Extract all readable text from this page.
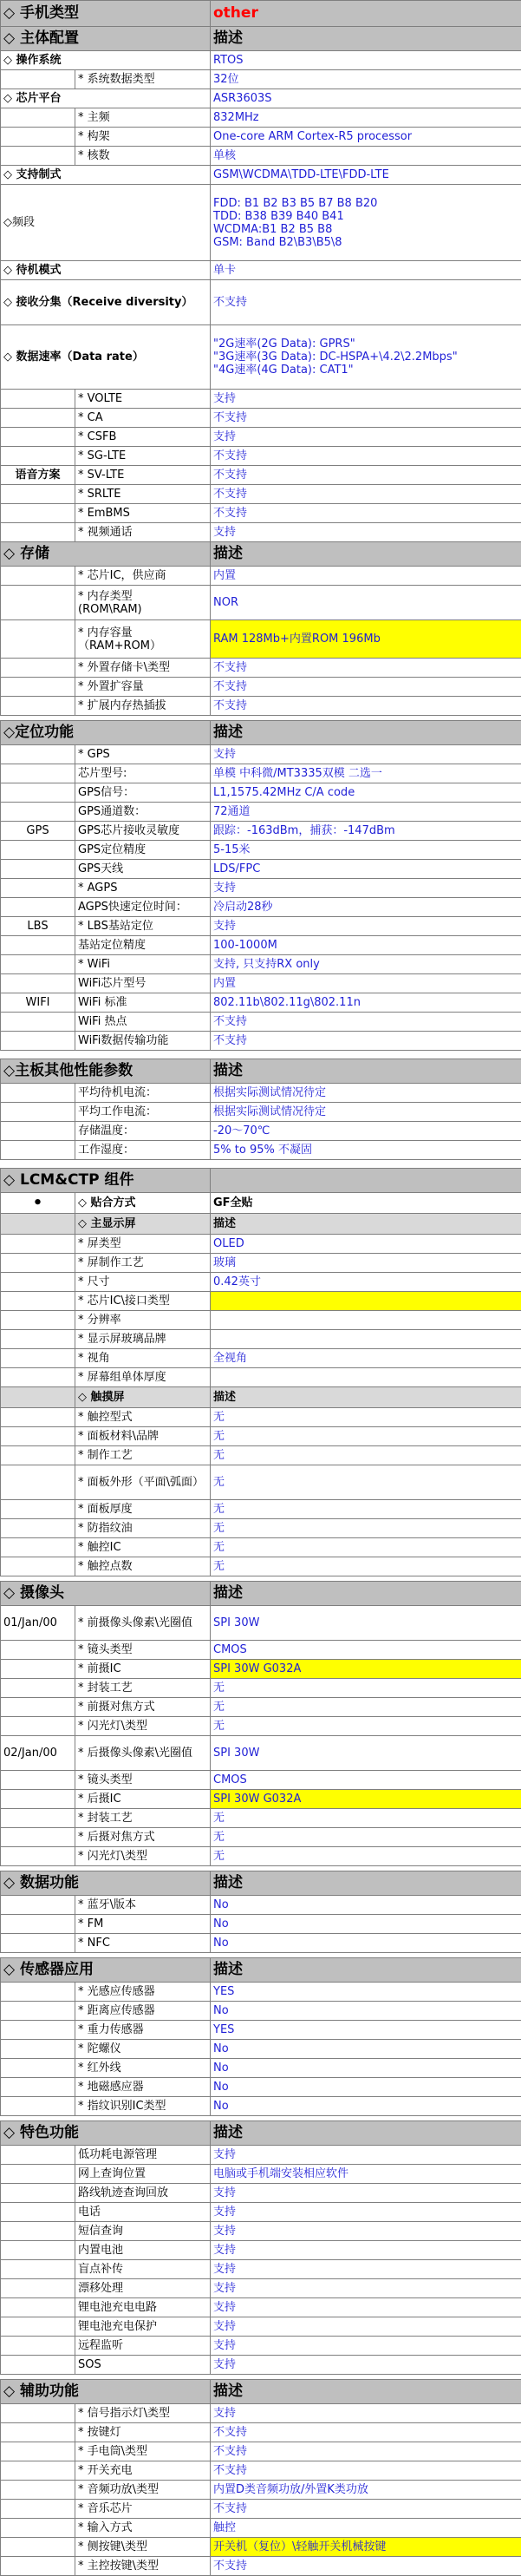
◇ 手机类型		other
◇ 主体配置		描述
◇ 操作系统		RTOS
	* 系统数据类型	32位
◇ 芯片平台		ASR3603S
	* 主频	832MHz
	* 构架	One-core ARM Cortex-R5 processor
	* 核数	单核
◇ 支持制式		GSM\WCDMA\TDD-LTE\FDD-LTE
◇频段		FDD: B1 B2 B3 B5 B7 B8 B20
TDD: B38 B39 B40 B41
WCDMA:B1 B2 B5 B8
GSM: Band B2\B3\B5\8
◇ 待机模式		单卡
◇ 接收分集（Receive diversity）		不支持
◇ 数据速率（Data rate）		"2G速率(2G Data): GPRS"
"3G速率(3G Data): DC-HSPA+\4.2\2.2Mbps"
"4G速率(4G Data): CAT1"
	* VOLTE	支持
	* CA	不支持
	* CSFB	支持
	* SG-LTE	不支持
语音方案	* SV-LTE	不支持
	* SRLTE	不支持
	* EmBMS	不支持
	* 视频通话	支持
◇ 存储		描述
	* 芯片IC，供应商	内置
	* 内存类型
(ROM\RAM)	NOR
	* 内存容量
（RAM+ROM）	RAM 128Mb+内置ROM 196Mb
	* 外置存储卡\类型	不支持
	* 外置扩容量	不支持
	* 扩展内存热插拔	不支持

◇定位功能		描述
	* GPS	支持
	芯片型号:	单模 中科微/MT3335双模 二选一
	GPS信号：	L1,1575.42MHz C/A code
	GPS通道数：	72通道
GPS	GPS芯片接收灵敏度	跟踪：-163dBm，捕获：-147dBm
	GPS定位精度	5-15米
	GPS天线	LDS/FPC
	* AGPS	支持
	AGPS快速定位时间：	冷启动28秒
LBS	* LBS基站定位	支持
	基站定位精度	100-1000M
	* WiFi	支持, 只支持RX only
	WiFi芯片型号	内置
WIFI	WiFi 标准	802.11b\802.11g\802.11n
	WiFi 热点	不支持
	WiFi数据传输功能	不支持

◇主板其他性能参数		描述
	平均待机电流：	根据实际测试情况待定
	平均工作电流：	根据实际测试情况待定
	存储温度：	-20～70℃
	工作湿度：	5% to 95% 不凝固

◇ LCM&CTP 组件		
•	◇ 贴合方式	GF全贴
	◇ 主显示屏	描述
	* 屏类型	OLED
	* 屏制作工艺	玻璃
	* 尺寸	0.42英寸
	* 芯片IC\接口类型	
	* 分辨率	
	* 显示屏玻璃品牌	
	* 视角	全视角
	* 屏幕组单体厚度	
	◇ 触摸屏	描述
	* 触控型式	无
	* 面板材料\品牌	无
	* 制作工艺	无
	* 面板外形（平面\弧面）	无
	* 面板厚度	无
	* 防指纹油	无
	* 触控IC	无
	* 触控点数	无

◇ 摄像头		描述
01/Jan/00	* 前摄像头像素\光圈值	SPI 30W
	* 镜头类型	CMOS
	* 前摄IC	SPI 30W G032A
	* 封装工艺	无
	* 前摄对焦方式	无
	* 闪光灯\类型	无
02/Jan/00	* 后摄像头像素\光圈值	SPI 30W
	* 镜头类型	CMOS
	* 后摄IC	SPI 30W G032A
	* 封装工艺	无
	* 后摄对焦方式	无
	* 闪光灯\类型	无

◇ 数据功能		描述
	* 蓝牙\版本	No
	* FM	No
	* NFC	No

◇ 传感器应用		描述
	* 光感应传感器	YES
	* 距离应传感器	No
	* 重力传感器	YES
	* 陀螺仪	No
	* 红外线	No
	* 地磁感应器	No
	* 指纹识别IC类型	No

◇ 特色功能		描述
	低功耗电源管理	支持
	网上查询位置	电脑或手机端安装相应软件
	路线轨迹查询回放	支持
	电话	支持
	短信查询	支持
	内置电池	支持
	盲点补传	支持
	漂移处理	支持
	锂电池充电电路	支持
	锂电池充电保护	支持
	远程监听	支持
	SOS	支持

◇ 辅助功能		描述
	* 信号指示灯\类型	支持
	* 按键灯	不支持
	* 手电筒\类型	不支持
	* 开关充电	不支持
	* 音频功放\类型	内置D类音频功放/外置K类功放
	* 音乐芯片	不支持
	* 输入方式	触控
	* 侧按键\类型	开关机（复位）\轻触开关机械按键
	* 主控按键\类型	不支持
